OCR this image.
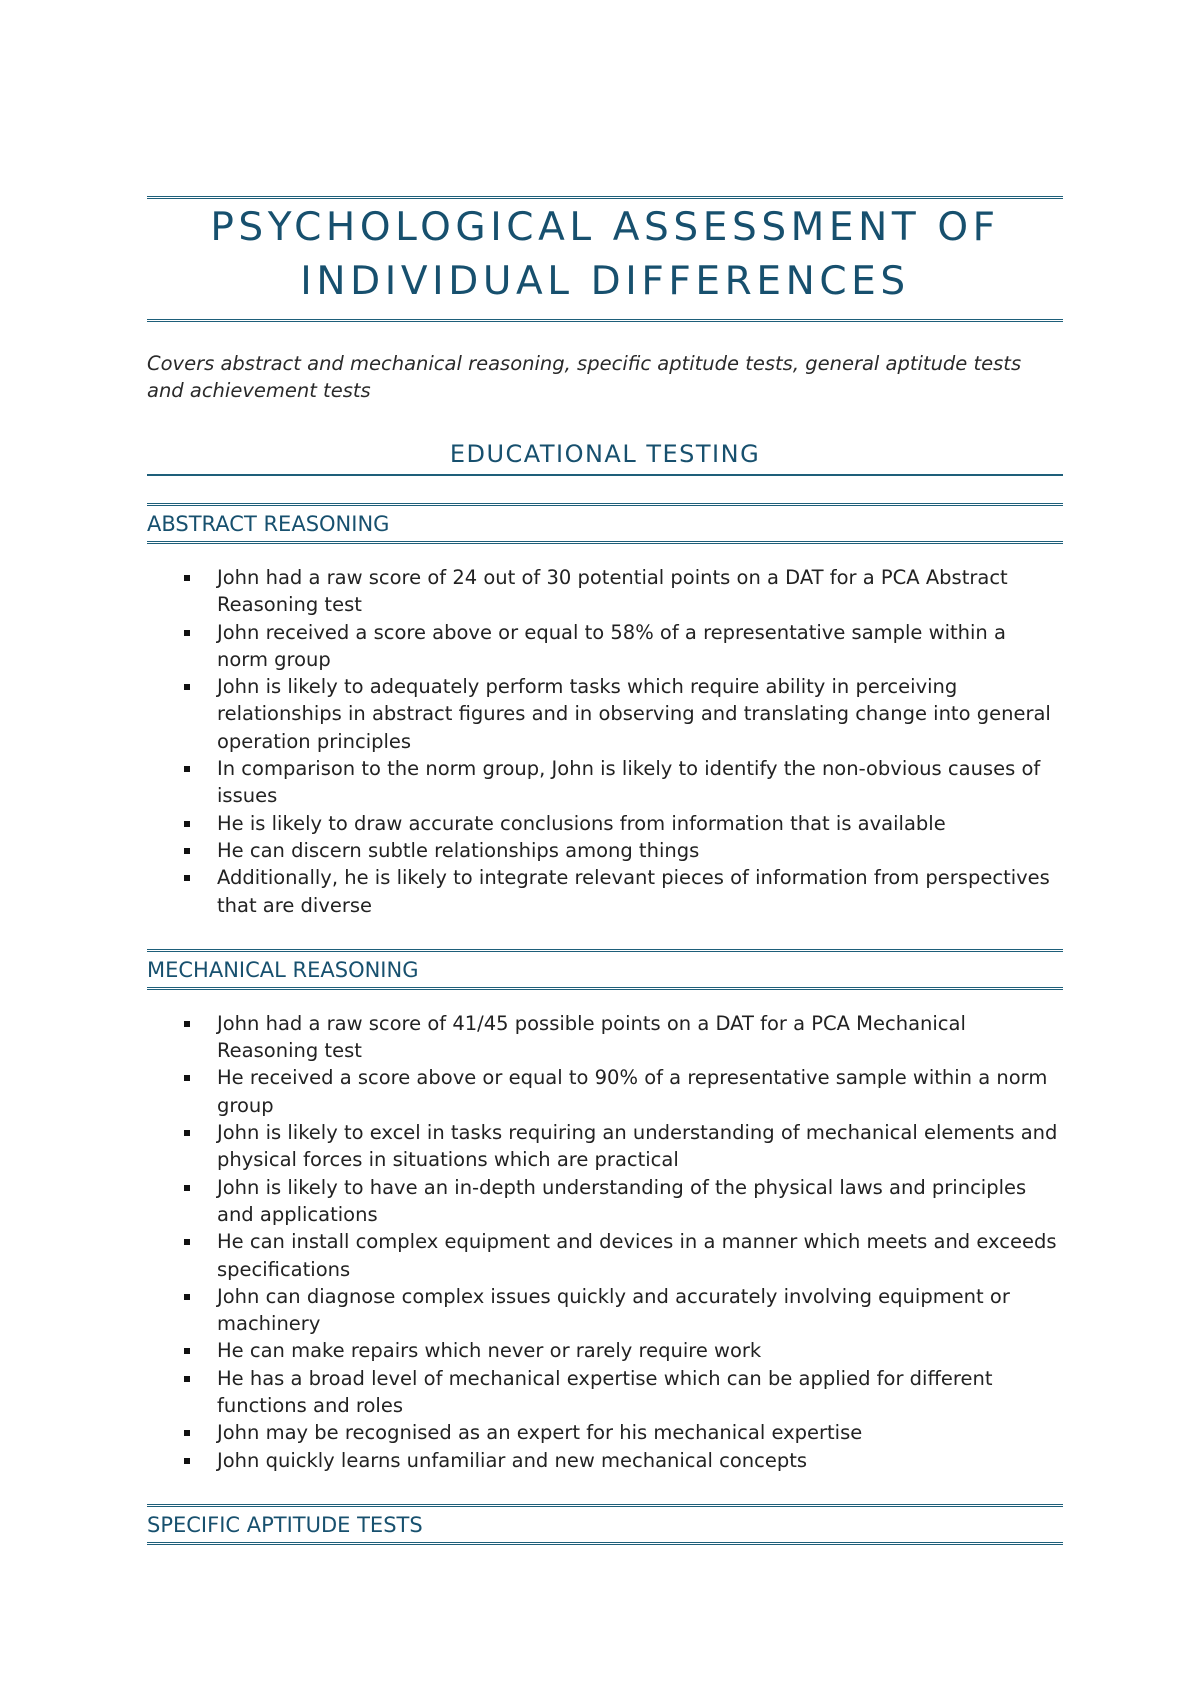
PSYCHOLOGICAL ASSESSMENT OF
INDIVIDUAL DIFFERENCES
Covers abstract and mechanical reasoning, specific aptitude tests, general aptitude tests and achievement tests
EDUCATIONAL TESTING
ABSTRACT REASONING
John had a raw score of 24 out of 30 potential points on a DAT for a PCA Abstract Reasoning test
John received a score above or equal to 58% of a representative sample within a norm group
John is likely to adequately perform tasks which require ability in perceiving relationships in abstract figures and in observing and translating change into general operation principles
In comparison to the norm group, John is likely to identify the non-obvious causes of issues
He is likely to draw accurate conclusions from information that is available
He can discern subtle relationships among things
Additionally, he is likely to integrate relevant pieces of information from perspectives that are diverse
MECHANICAL REASONING
John had a raw score of 41/45 possible points on a DAT for a PCA Mechanical Reasoning test
He received a score above or equal to 90% of a representative sample within a norm group
John is likely to excel in tasks requiring an understanding of mechanical elements and physical forces in situations which are practical
John is likely to have an in-depth understanding of the physical laws and principles and applications
He can install complex equipment and devices in a manner which meets and exceeds specifications
John can diagnose complex issues quickly and accurately involving equipment or machinery
He can make repairs which never or rarely require work
He has a broad level of mechanical expertise which can be applied for different functions and roles
John may be recognised as an expert for his mechanical expertise
John quickly learns unfamiliar and new mechanical concepts
SPECIFIC APTITUDE TESTS
